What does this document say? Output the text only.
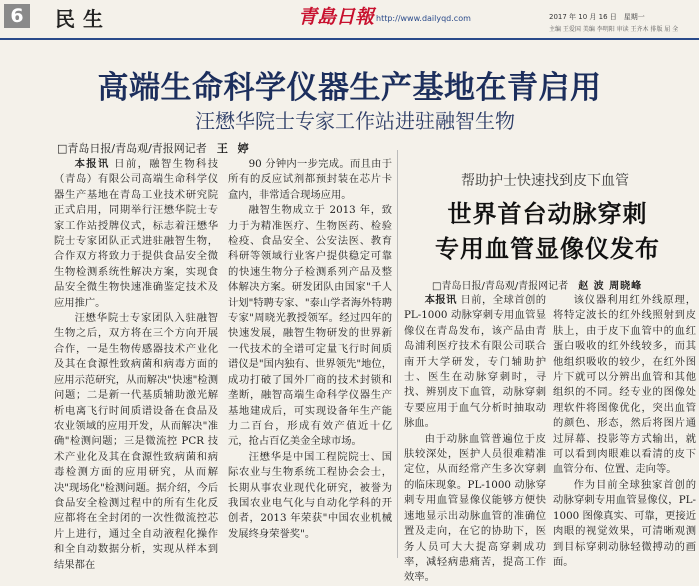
6	民生	青島日報 http://www.dailyqd.com	2017 年 10 月 16 日　星期一
主编 王爱国 美编 李明阳 审读 王齐木 排版 屈 全
高端生命科学仪器生产基地在青启用
汪懋华院士专家工作站进驻融智生物
□青岛日报/青岛观/青报网记者 王 婷

本报讯 日前，融智生物科技（青岛）有限公司高端生命科学仪器生产基地在青岛工业技术研究院正式启用，同期举行汪懋华院士专家工作站授牌仪式，标志着汪懋华院士专家团队正式进驻融智生物，合作双方将致力于提供食品安全微生物检测系统性解决方案，实现食品安全微生物快速准确鉴定技术及应用推广。

汪懋华院士专家团队入驻融智生物之后，双方将在三个方向开展合作，一是生物传感器技术产业化及其在食源性致病菌和病毒方面的应用示范研究，从而解决"快速"检测问题；二是新一代基质辅助激光解析电离飞行时间质谱设备在食品及农业领域的应用开发，从而解决"准确"检测问题；三是微流控 PCR 技术产业化及其在食源性致病菌和病毒检测方面的应用研究，从而解决"现场化"检测问题。据介绍，今后食品安全检测过程中的所有生化反应都将在全封闭的一次性微流控芯片上进行，通过全自动液程化操作和全自动数据分析，实现从样本到结果都在

90 分钟内一步完成。而且由于所有的反应试剂都预封装在芯片卡盒内，非常适合现场应用。

融智生物成立于 2013 年，致力于为精准医疗、生物医药、检验检疫、食品安全、公安法医、教育科研等领域行业客户提供稳定可靠的快速生物分子检测系列产品及整体解决方案。研发团队由国家"千人计划"特聘专家、"泰山学者海外特聘专家"周晓光教授领军。经过四年的快速发展，融智生物研发的世界新一代技术的全谱可定量飞行时间质谱仪是"国内独有、世界领先"地位，成功打破了国外厂商的技术封锁和垄断，融智高端生命科学仪器生产基地建成后，可实现设备年生产能力二百台，形成有效产值近十亿元，抢占百亿美金全球市场。

汪懋华是中国工程院院士、国际农业与生物系统工程协会会士，长期从事农业现代化研究，被誉为我国农业电气化与自动化学科的开创者，2013 年荣获"中国农业机械发展终身荣誉奖"。

帮助护士快速找到皮下血管
世界首台动脉穿刺
专用血管显像仪发布
□青岛日报/青岛观/青报网记者 赵 波 周晓峰

本报讯 日前，全球首创的 PL-1000 动脉穿刺专用血管显像仪在青岛发布，该产品由青岛浦利医疗技术有限公司联合南开大学研发，专门辅助护士、医生在动脉穿刺时，寻找、辨别皮下血管，动脉穿刺专要应用于血气分析时抽取动脉血。

由于动脉血管普遍位于皮肤较深处，医护人员很难精准定位，从而经常产生多次穿刺的临床现象。PL-1000 动脉穿刺专用血管显像仪能够方便快速地显示出动脉血管的准确位置及走向，在它的协助下，医务人员可大大提高穿刺成功率，减轻病患痛苦，提高工作效率。

该仪器利用红外线原理，将特定波长的红外线照射到皮肤上，由于皮下血管中的血红蛋白吸收的红外线较多，而其他组织吸收的较少，在红外图片下就可以分辨出血管和其他组织的不同。经专业的图像处理软件将图像优化，突出血管的颜色、形态，然后将图片通过屏幕、投影等方式输出，就可以看到肉眼难以看清的皮下血管分布、位置、走向等。

作为目前全球独家首创的动脉穿刺专用血管显像仪，PL-1000 图像真实、可靠，更接近肉眼的视觉效果，可清晰观测到目标穿刺动脉轻微搏动的画面。
